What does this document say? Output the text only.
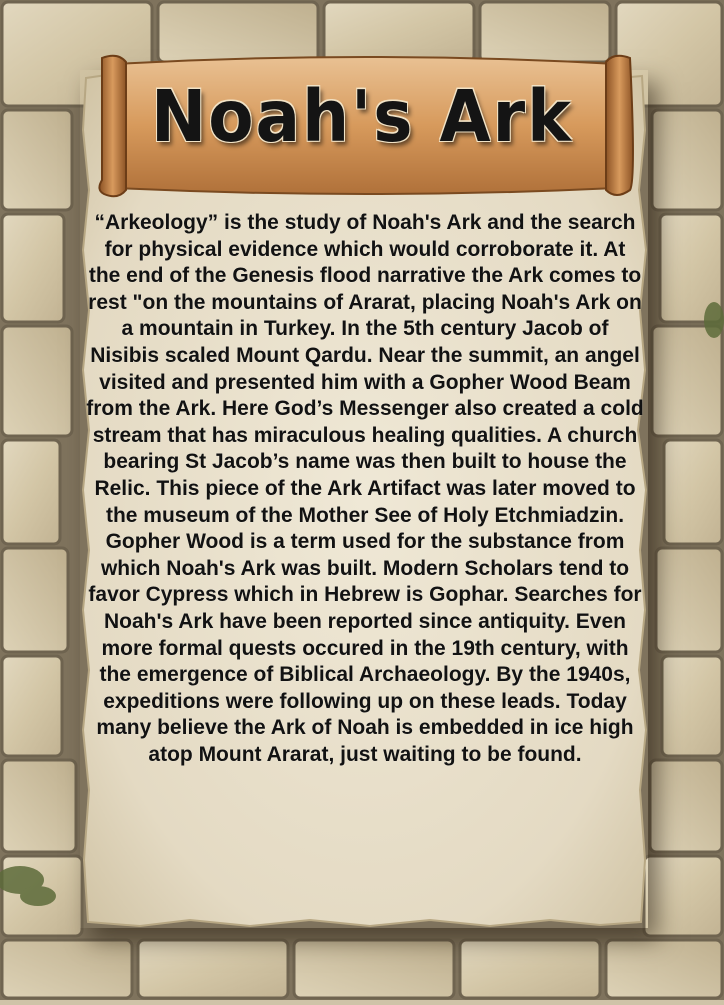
Noah's Ark

“Arkeology” is the study of Noah's Ark and the search for physical evidence which would corroborate it. At the end of the Genesis flood narrative the Ark comes to rest "on the mountains of Ararat, placing Noah's Ark on a mountain in Turkey. In the 5th century Jacob of Nisibis scaled Mount Qardu. Near the summit, an angel visited and presented him with a Gopher Wood Beam from the Ark. Here God’s Messenger also created a cold stream that has miraculous healing qualities. A church bearing St Jacob’s name was then built to house the Relic. This piece of the Ark Artifact was later moved to the museum of the Mother See of Holy Etchmiadzin. Gopher Wood is a term used for the substance from which Noah's Ark was built. Modern Scholars tend to favor Cypress which in Hebrew is Gophar. Searches for Noah's Ark have been reported since antiquity. Even more formal quests occured in the 19th century, with the emergence of Biblical Archaeology. By the 1940s, expeditions were following up on these leads. Today many believe the Ark of Noah is embedded in ice high atop Mount Ararat, just waiting to be found.
